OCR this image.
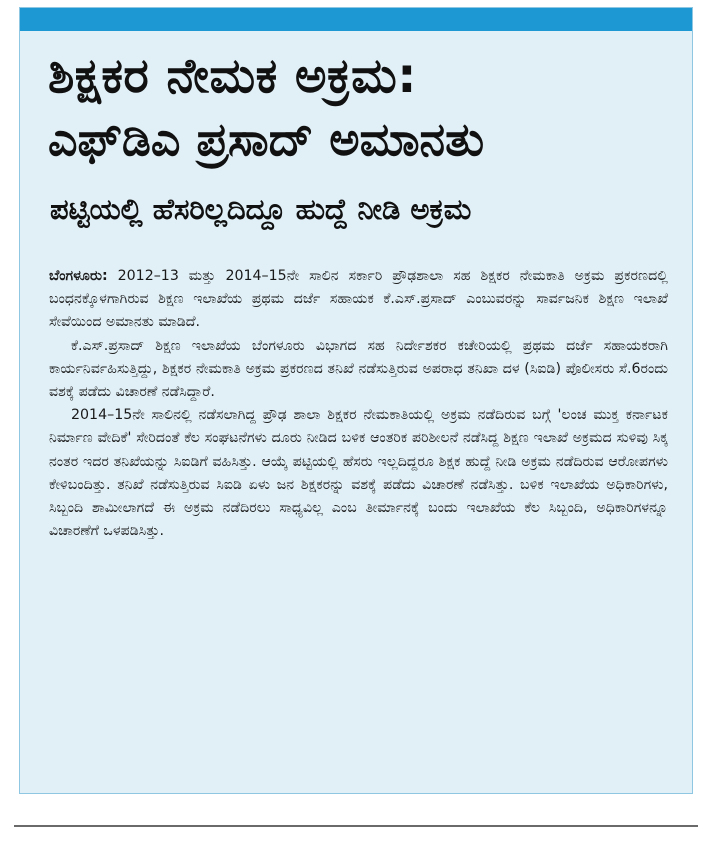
ಶಿಕ್ಷಕರ ನೇಮಕ ಅಕ್ರಮ:
ಎಫ್‌ಡಿಎ ಪ್ರಸಾದ್ ಅಮಾನತು
ಪಟ್ಟಿಯಲ್ಲಿ ಹೆಸರಿಲ್ಲದಿದ್ದೂ ಹುದ್ದೆ ನೀಡಿ ಅಕ್ರಮ

ಬೆಂಗಳೂರು: 2012–13 ಮತ್ತು 2014–15ನೇ ಸಾಲಿನ ಸರ್ಕಾರಿ ಪ್ರೌಢಶಾಲಾ ಸಹ ಶಿಕ್ಷಕರ ನೇಮಕಾತಿ ಅಕ್ರಮ ಪ್ರಕರಣದಲ್ಲಿ ಬಂಧನಕ್ಕೊಳಗಾಗಿರುವ ಶಿಕ್ಷಣ ಇಲಾಖೆಯ ಪ್ರಥಮ ದರ್ಜೆ ಸಹಾಯಕ ಕೆ.ಎಸ್.ಪ್ರಸಾದ್ ಎಂಬುವರನ್ನು ಸಾರ್ವಜನಿಕ ಶಿಕ್ಷಣ ಇಲಾಖೆ ಸೇವೆಯಿಂದ ಅಮಾನತು ಮಾಡಿದೆ.

ಕೆ.ಎಸ್.ಪ್ರಸಾದ್ ಶಿಕ್ಷಣ ಇಲಾಖೆಯ ಬೆಂಗಳೂರು ವಿಭಾಗದ ಸಹ ನಿರ್ದೇಶಕರ ಕಚೇರಿಯಲ್ಲಿ ಪ್ರಥಮ ದರ್ಜೆ ಸಹಾಯಕರಾಗಿ ಕಾರ್ಯನಿರ್ವಹಿಸುತ್ತಿದ್ದು, ಶಿಕ್ಷಕರ ನೇಮಕಾತಿ ಅಕ್ರಮ ಪ್ರಕರಣದ ತನಿಖೆ ನಡೆಸುತ್ತಿರುವ ಅಪರಾಧ ತನಿಖಾ ದಳ (ಸಿಐಡಿ) ಪೊಲೀಸರು ಸೆ.6ರಂದು ವಶಕ್ಕೆ ಪಡೆದು ವಿಚಾರಣೆ ನಡೆಸಿದ್ದಾರೆ.

2014–15ನೇ ಸಾಲಿನಲ್ಲಿ ನಡೆಸಲಾಗಿದ್ದ ಪ್ರೌಢ ಶಾಲಾ ಶಿಕ್ಷಕರ ನೇಮಕಾತಿಯಲ್ಲಿ ಅಕ್ರಮ ನಡೆದಿರುವ ಬಗ್ಗೆ 'ಲಂಚ ಮುಕ್ತ ಕರ್ನಾಟಕ ನಿರ್ಮಾಣ ವೇದಿಕೆ' ಸೇರಿದಂತೆ ಕೆಲ ಸಂಘಟನೆಗಳು ದೂರು ನೀಡಿದ ಬಳಿಕ ಆಂತರಿಕ ಪರಿಶೀಲನೆ ನಡೆಸಿದ್ದ ಶಿಕ್ಷಣ ಇಲಾಖೆ ಅಕ್ರಮದ ಸುಳಿವು ಸಿಕ್ಕ ನಂತರ ಇದರ ತನಿಖೆಯನ್ನು ಸಿಐಡಿಗೆ ವಹಿಸಿತ್ತು. ಆಯ್ಕೆ ಪಟ್ಟಿಯಲ್ಲಿ ಹೆಸರು ಇಲ್ಲದಿದ್ದರೂ ಶಿಕ್ಷಕ ಹುದ್ದೆ ನೀಡಿ ಅಕ್ರಮ ನಡೆದಿರುವ ಆರೋಪಗಳು ಕೇಳಿಬಂದಿತ್ತು. ತನಿಖೆ ನಡೆಸುತ್ತಿರುವ ಸಿಐಡಿ ಏಳು ಜನ ಶಿಕ್ಷಕರನ್ನು ವಶಕ್ಕೆ ಪಡೆದು ವಿಚಾರಣೆ ನಡೆಸಿತ್ತು. ಬಳಿಕ ಇಲಾಖೆಯ ಅಧಿಕಾರಿಗಳು, ಸಿಬ್ಬಂದಿ ಶಾಮೀಲಾಗದೆ ಈ ಅಕ್ರಮ ನಡೆದಿರಲು ಸಾಧ್ಯವಿಲ್ಲ ಎಂಬ ತೀರ್ಮಾನಕ್ಕೆ ಬಂದು ಇಲಾಖೆಯ ಕೆಲ ಸಿಬ್ಬಂದಿ, ಅಧಿಕಾರಿಗಳನ್ನೂ ವಿಚಾರಣೆಗೆ ಒಳಪಡಿಸಿತ್ತು.
